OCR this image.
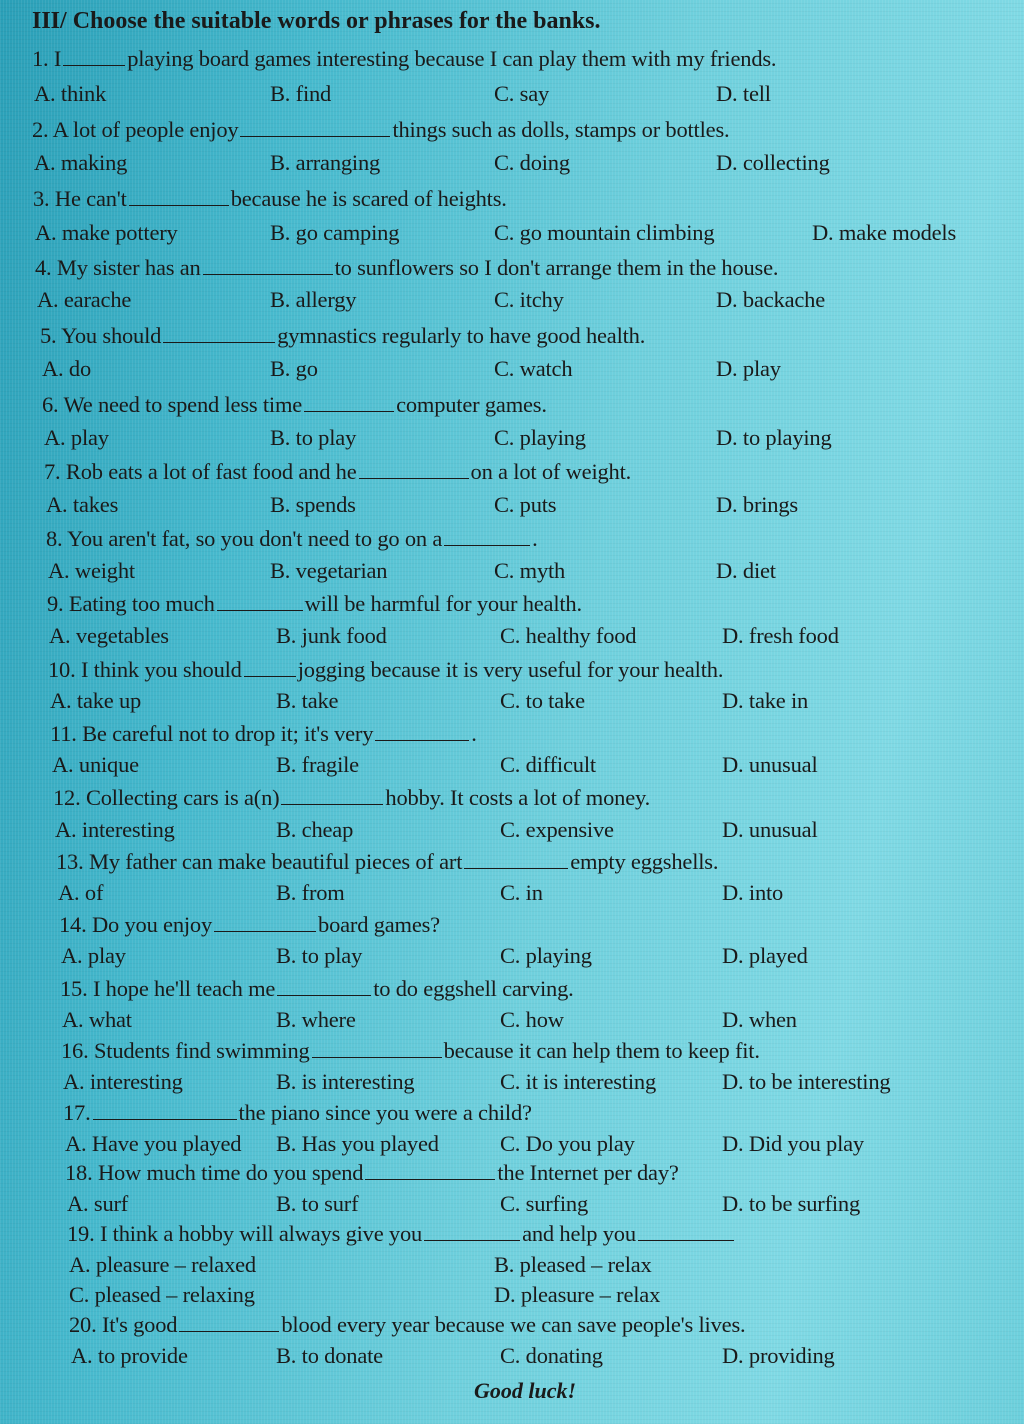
III/ Choose the suitable words or phrases for the banks.
1. I	playing board games interesting because I can play them with my friends.
A. think	B. find	C. say	D. tell
2. A lot of people enjoy	things such as dolls, stamps or bottles.
A. making	B. arranging	C. doing	D. collecting
3. He can't	because he is scared of heights.
A. make pottery	B. go camping	C. go mountain climbing	D. make models
4. My sister has an	to sunflowers so I don't arrange them in the house.
A. earache	B. allergy	C. itchy	D. backache
5. You should	gymnastics regularly to have good health.
A. do	B. go	C. watch	D. play
6. We need to spend less time	computer games.
A. play	B. to play	C. playing	D. to playing
7. Rob eats a lot of fast food and he	on a lot of weight.
A. takes	B. spends	C. puts	D. brings
8. You aren't fat, so you don't need to go on a	.
A. weight	B. vegetarian	C. myth	D. diet
9. Eating too much	will be harmful for your health.
A. vegetables	B. junk food	C. healthy food	D. fresh food
10. I think you should jogging because it is very useful for your health.
A. take up	B. take	C. to take	D. take in
11. Be careful not to drop it; it's very	.
A. unique	B. fragile	C. difficult	D. unusual
12. Collecting cars is a(n)	hobby. It costs a lot of money.
A. interesting	B. cheap	C. expensive	D. unusual
13. My father can make beautiful pieces of art	empty eggshells.
A. of	B. from	C. in	D. into
14. Do you enjoy	board games?
A. play	B. to play	C. playing	D. played
15. I hope he'll teach me	to do eggshell carving.
A. what	B. where	C. how	D. when
16. Students find swimming	because it can help them to keep fit.
A. interesting	B. is interesting	C. it is interesting	D. to be interesting
17.	the piano since you were a child?
A. Have you played B. Has you played	C. Do you play	D. Did you play
18. How much time do you spend	the Internet per day?
A. surf	B. to surf	C. surfing	D. to be surfing
19. I think a hobby will always give you	and help you
A. pleasure – relaxed	B. pleased – relax
C. pleased – relaxing	D. pleasure – relax
20. It's good	blood every year because we can save people's lives.
A. to provide	B. to donate	C. donating	D. providing
Good luck!
